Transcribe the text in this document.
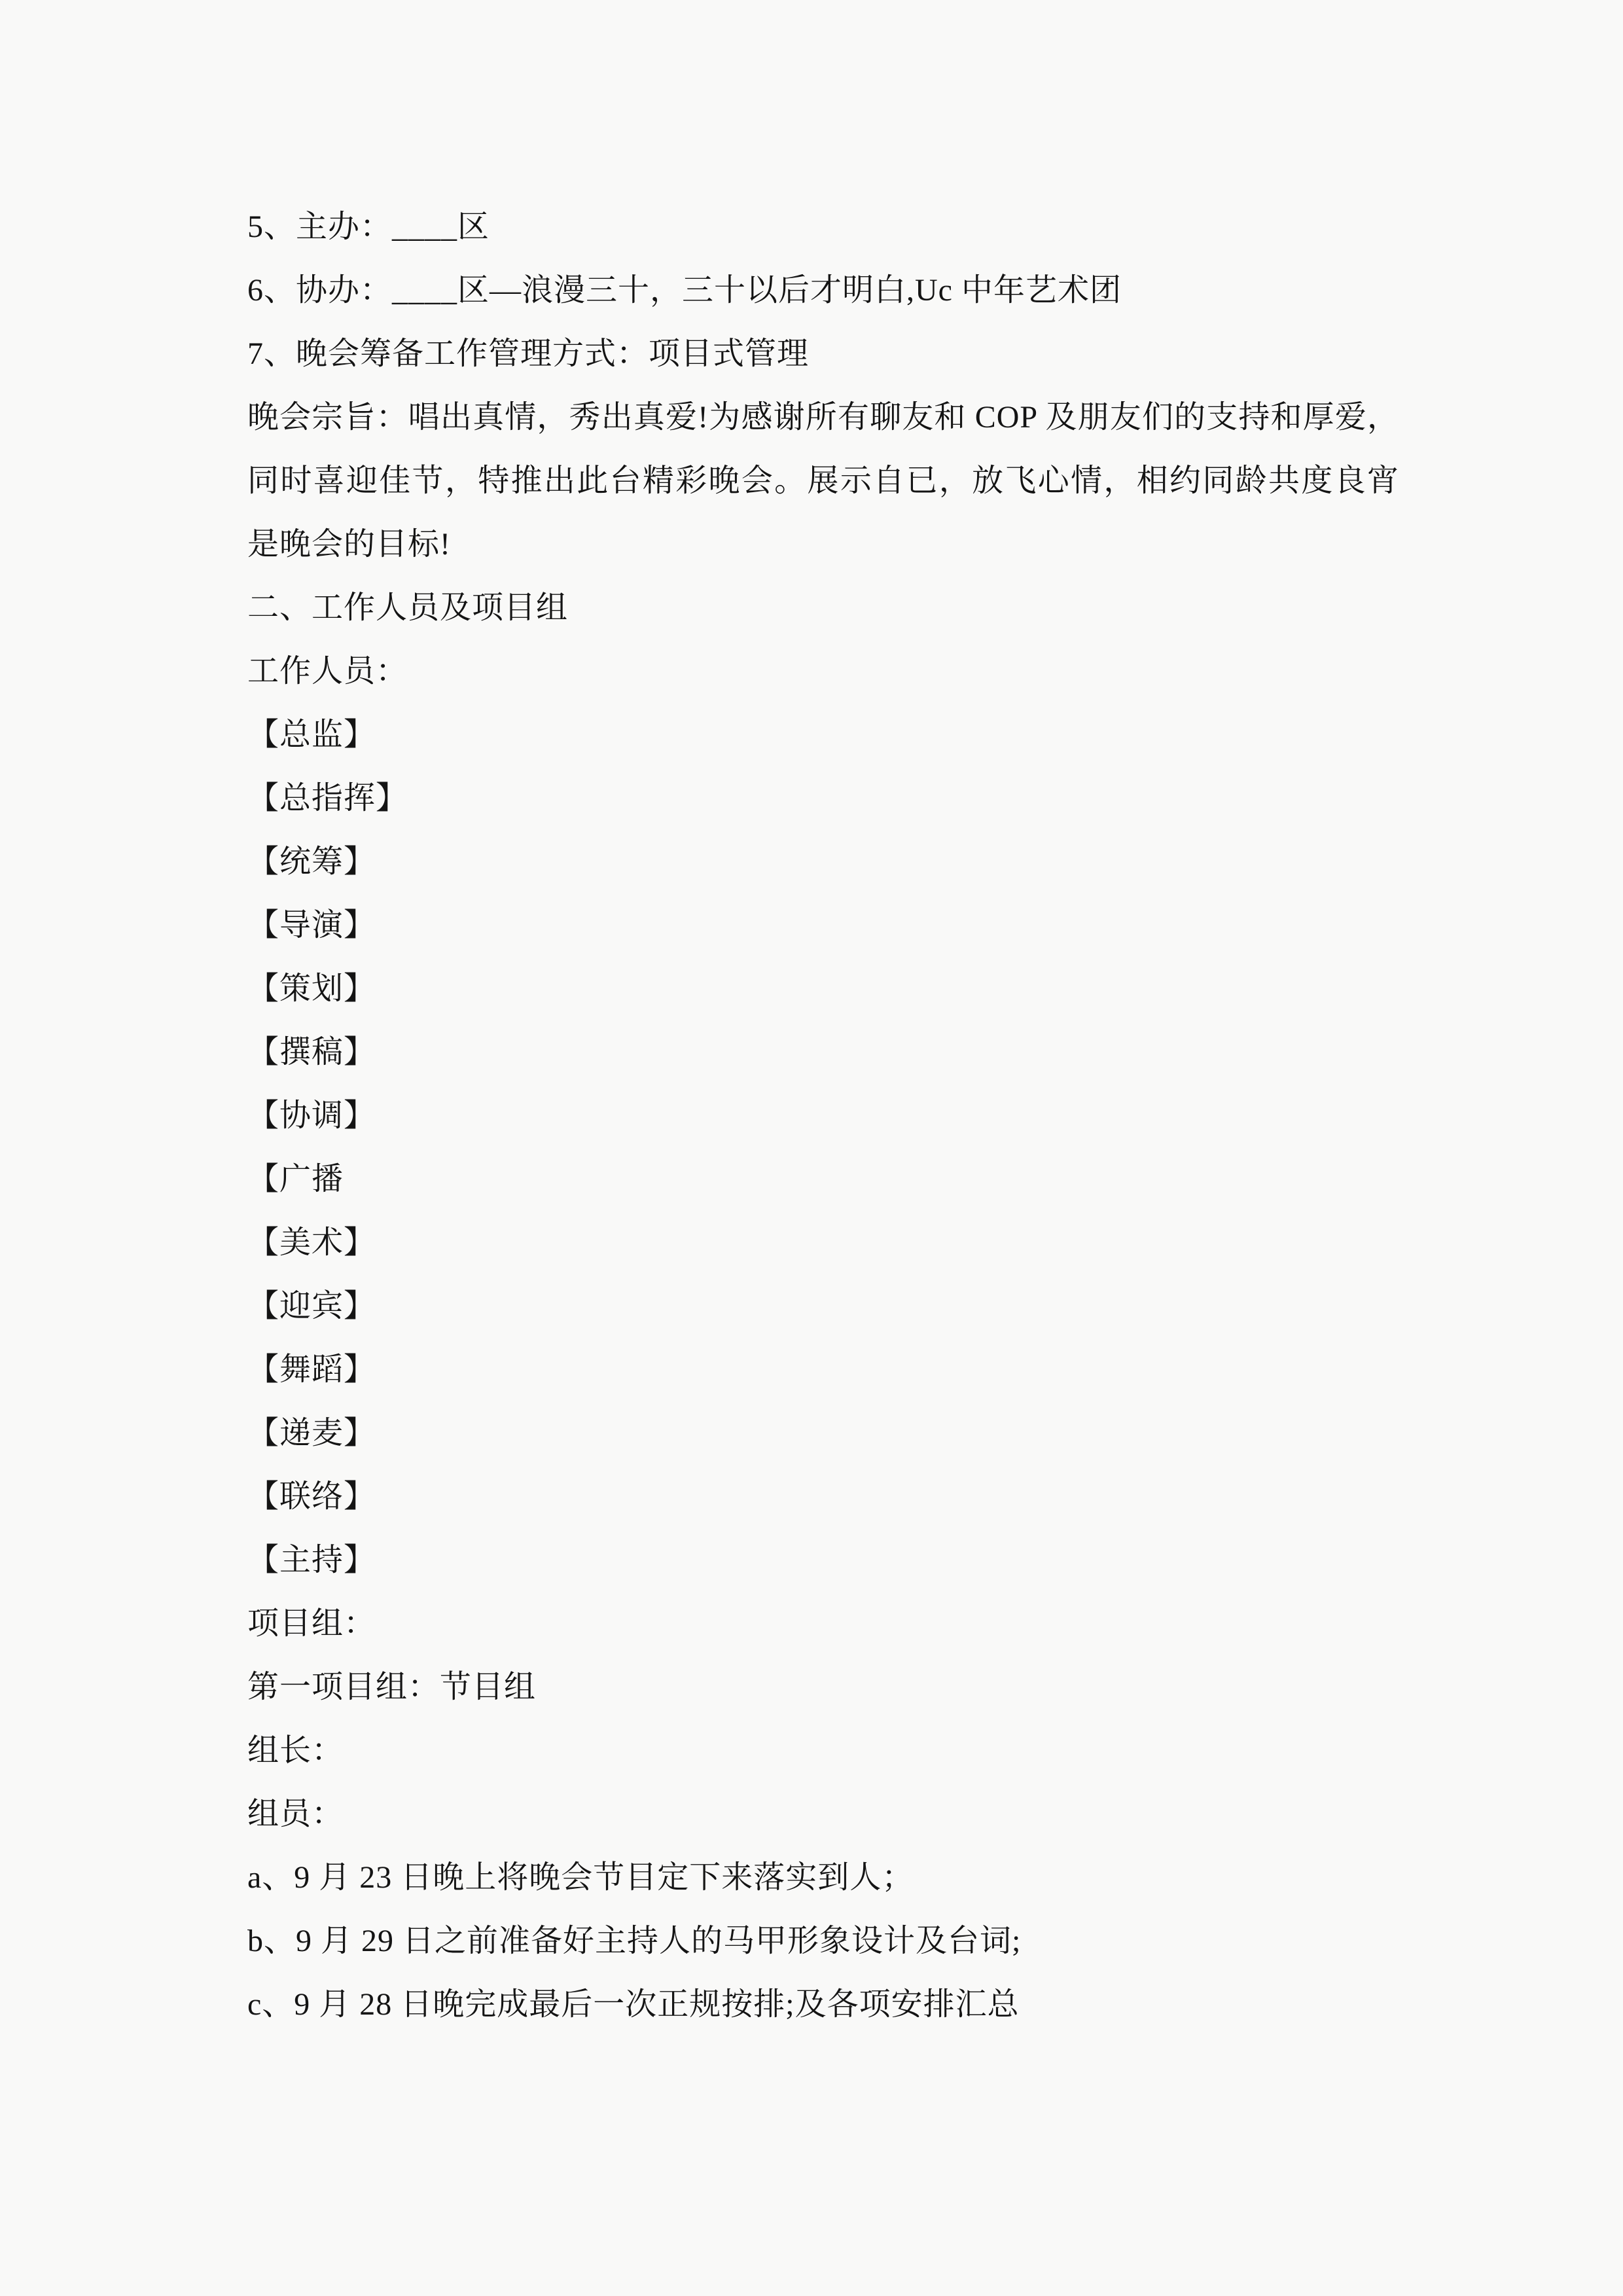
5、主办：____区
6、协办：____区—浪漫三十，三十以后才明白,Uc 中年艺术团
7、晚会筹备工作管理方式：项目式管理
晚会宗旨：唱出真情，秀出真爱!为感谢所有聊友和 COP 及朋友们的支持和厚爱，
同时喜迎佳节，特推出此台精彩晚会。展示自已，放飞心情，相约同龄共度良宵
是晚会的目标!
二、工作人员及项目组
工作人员：
【总监】
【总指挥】
【统筹】
【导演】
【策划】
【撰稿】
【协调】
【广播
【美术】
【迎宾】
【舞蹈】
【递麦】
【联络】
【主持】
项目组：
第一项目组：节目组
组长：
组员：
a、9 月 23 日晚上将晚会节目定下来落实到人；
b、9 月 29 日之前准备好主持人的马甲形象设计及台词;
c、9 月 28 日晚完成最后一次正规按排;及各项安排汇总
